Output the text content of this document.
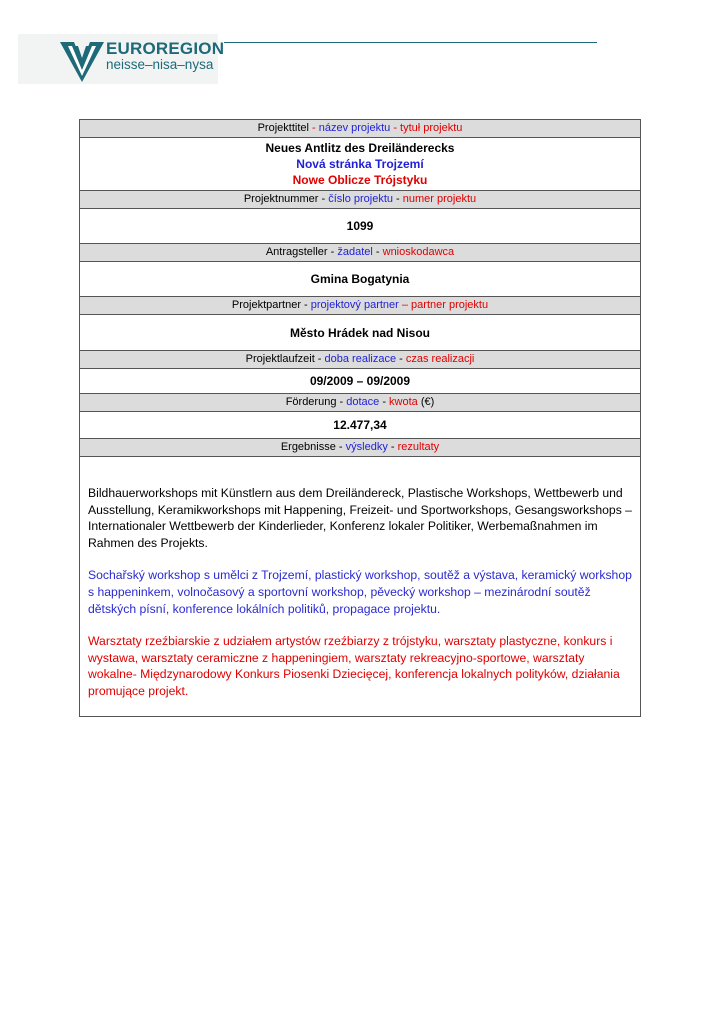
EUROREGION
neisse–nisa–nysa
Projekttitel - název projektu - tytuł projektu
Neues Antlitz des Dreiländerecks
Nová stránka Trojzemí
Nowe Oblicze Trójstyku
Projektnummer - číslo projektu - numer projektu
1099
Antragsteller - žadatel - wnioskodawca
Gmina Bogatynia
Projektpartner - projektový partner – partner projektu
Město Hrádek nad Nisou
Projektlaufzeit - doba realizace - czas realizacji
09/2009 – 09/2009
Förderung - dotace - kwota (€)
12.477,34
Ergebnisse - výsledky - rezultaty

Bildhauerworkshops mit Künstlern aus dem Dreiländereck, Plastische Workshops, Wettbewerb und Ausstellung, Keramikworkshops mit Happening, Freizeit- und Sportworkshops, Gesangsworkshops – Internationaler Wettbewerb der Kinderlieder, Konferenz lokaler Politiker, Werbemaßnahmen im Rahmen des Projekts.

Sochařský workshop s umělci z Trojzemí, plastický workshop, soutěž a výstava, keramický workshop s happeninkem, volnočasový a sportovní workshop, pěvecký workshop – mezinárodní soutěž dětských písní, konference lokálních politiků, propagace projektu.

Warsztaty rzeźbiarskie z udziałem artystów rzeźbiarzy z trójstyku, warsztaty plastyczne, konkurs i wystawa, warsztaty ceramiczne z happeningiem, warsztaty rekreacyjno-sportowe, warsztaty wokalne- Międzynarodowy Konkurs Piosenki Dziecięcej, konferencja lokalnych polityków, działania promujące projekt.
